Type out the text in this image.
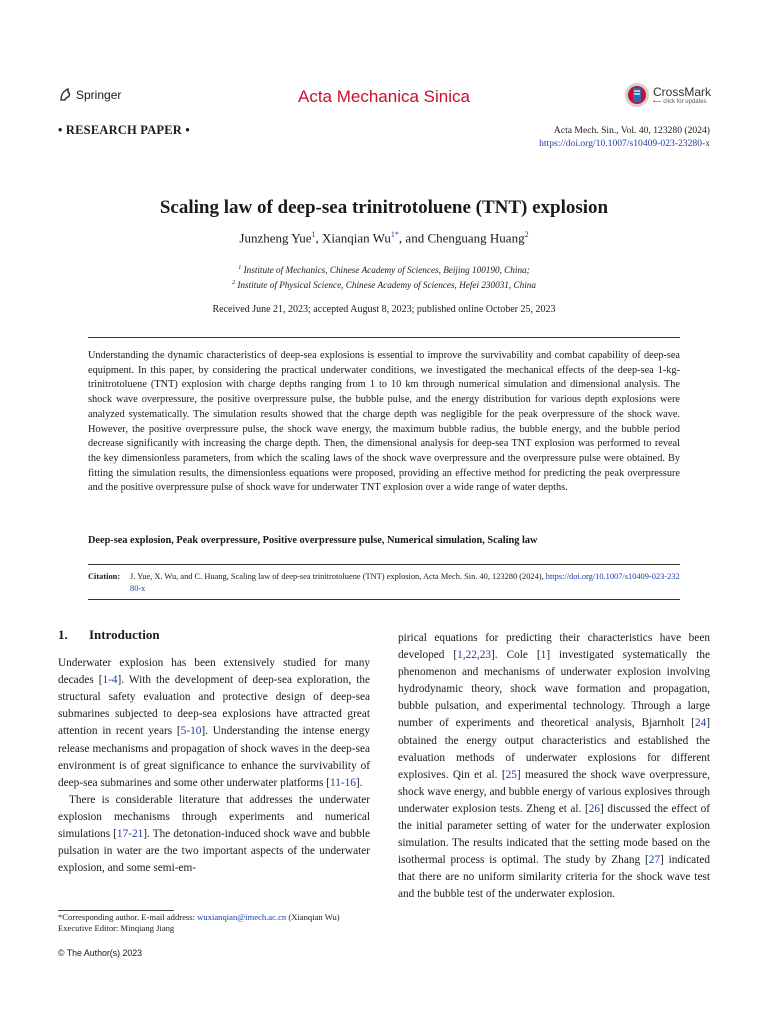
Springer	Acta Mechanica Sinica	CrossMark
⟵ click for updates
• RESEARCH PAPER •	Acta Mech. Sin., Vol. 40, 123280 (2024)
https://doi.org/10.1007/s10409-023-23280-x
Scaling law of deep-sea trinitrotoluene (TNT) explosion
Junzheng Yue$^1$, Xianqian $Wu^{1*}$, and Chenguang Huang$^2$
$^1$ Institute of Mechanics, Chinese Academy of Sciences, Beijing 100190, China;
$^2$ Institute of Physical Science, Chinese Academy of Sciences, Hefei 230031, China
Received June 21, 2023; accepted August 8, 2023; published online October 25, 2023
Understanding the dynamic characteristics of deep-sea explosions is essential to improve the survivability and combat capability of deep-sea equipment. In this paper, by considering the practical underwater conditions, we investigated the mechanical effects of the deep-sea 1-kg-trinitrotoluene (TNT) explosion with charge depths ranging from 1 to 10 km through numerical simulation and dimensional analysis. The shock wave overpressure, the positive overpressure pulse, the bubble pulse, and the energy distribution for various depth explosions were analyzed systematically. The simulation results showed that the charge depth was negligible for the peak overpressure of the shock wave. However, the positive overpressure pulse, the shock wave energy, the maximum bubble radius, the bubble energy, and the bubble period decrease significantly with increasing the charge depth. Then, the dimensional analysis for deep-sea TNT explosion was performed to reveal the key dimensionless parameters, from which the scaling laws of the shock wave overpressure and the overpressure pulse were obtained. By fitting the simulation results, the dimensionless equations were proposed, providing an effective method for predicting the peak overpressure and the positive overpressure pulse of shock wave for underwater TNT explosion over a wide range of water depths.
Deep-sea explosion, Peak overpressure, Positive overpressure pulse, Numerical simulation, Scaling law
Citation:	J. Yue, X. Wu, and C. Huang, Scaling law of deep-sea trinitrotoluene (TNT) explosion, Acta Mech. Sin. 40, 123280 (2024), https://doi.org/10.1007/s10409-023-23280-x
1. Introduction

Underwater explosion has been extensively studied for many decades [1-4]. With the development of deep-sea exploration, the structural safety evaluation and protective design of deep-sea submarines subjected to deep-sea explosions have attracted great attention in recent years [5-10]. Understanding the intense energy release mechanisms and propagation of shock waves in the deep-sea environment is of great significance to enhance the survivability of deep-sea submarines and some other underwater platforms [11-16].

There is considerable literature that addresses the underwater explosion mechanisms through experiments and numerical simulations [17-21]. The detonation-induced shock wave and bubble pulsation in water are the two important aspects of the underwater explosion, and some semi-em-

pirical equations for predicting their characteristics have been developed [1,22,23]. Cole [1] investigated systematically the phenomenon and mechanisms of underwater explosion involving hydrodynamic theory, shock wave formation and propagation, bubble pulsation, and experimental technology. Through a large number of experiments and theoretical analysis, Bjarnholt [24] obtained the energy output characteristics and established the evaluation methods of underwater explosions for different explosives. Qin et al. [25] measured the shock wave overpressure, shock wave energy, and bubble energy of various explosives through underwater explosion tests. Zheng et al. [26] discussed the effect of the initial parameter setting of water for the underwater explosion simulation. The results indicated that the setting mode based on the isothermal process is optimal. The study by Zhang [27] indicated that there are no uniform similarity criteria for the shock wave test and the bubble test of the underwater explosion.

*Corresponding author. E-mail address: wuxianqian@imech.ac.cn (Xianqian Wu)
Executive Editor: Minqiang Jiang
© The Author(s) 2023
